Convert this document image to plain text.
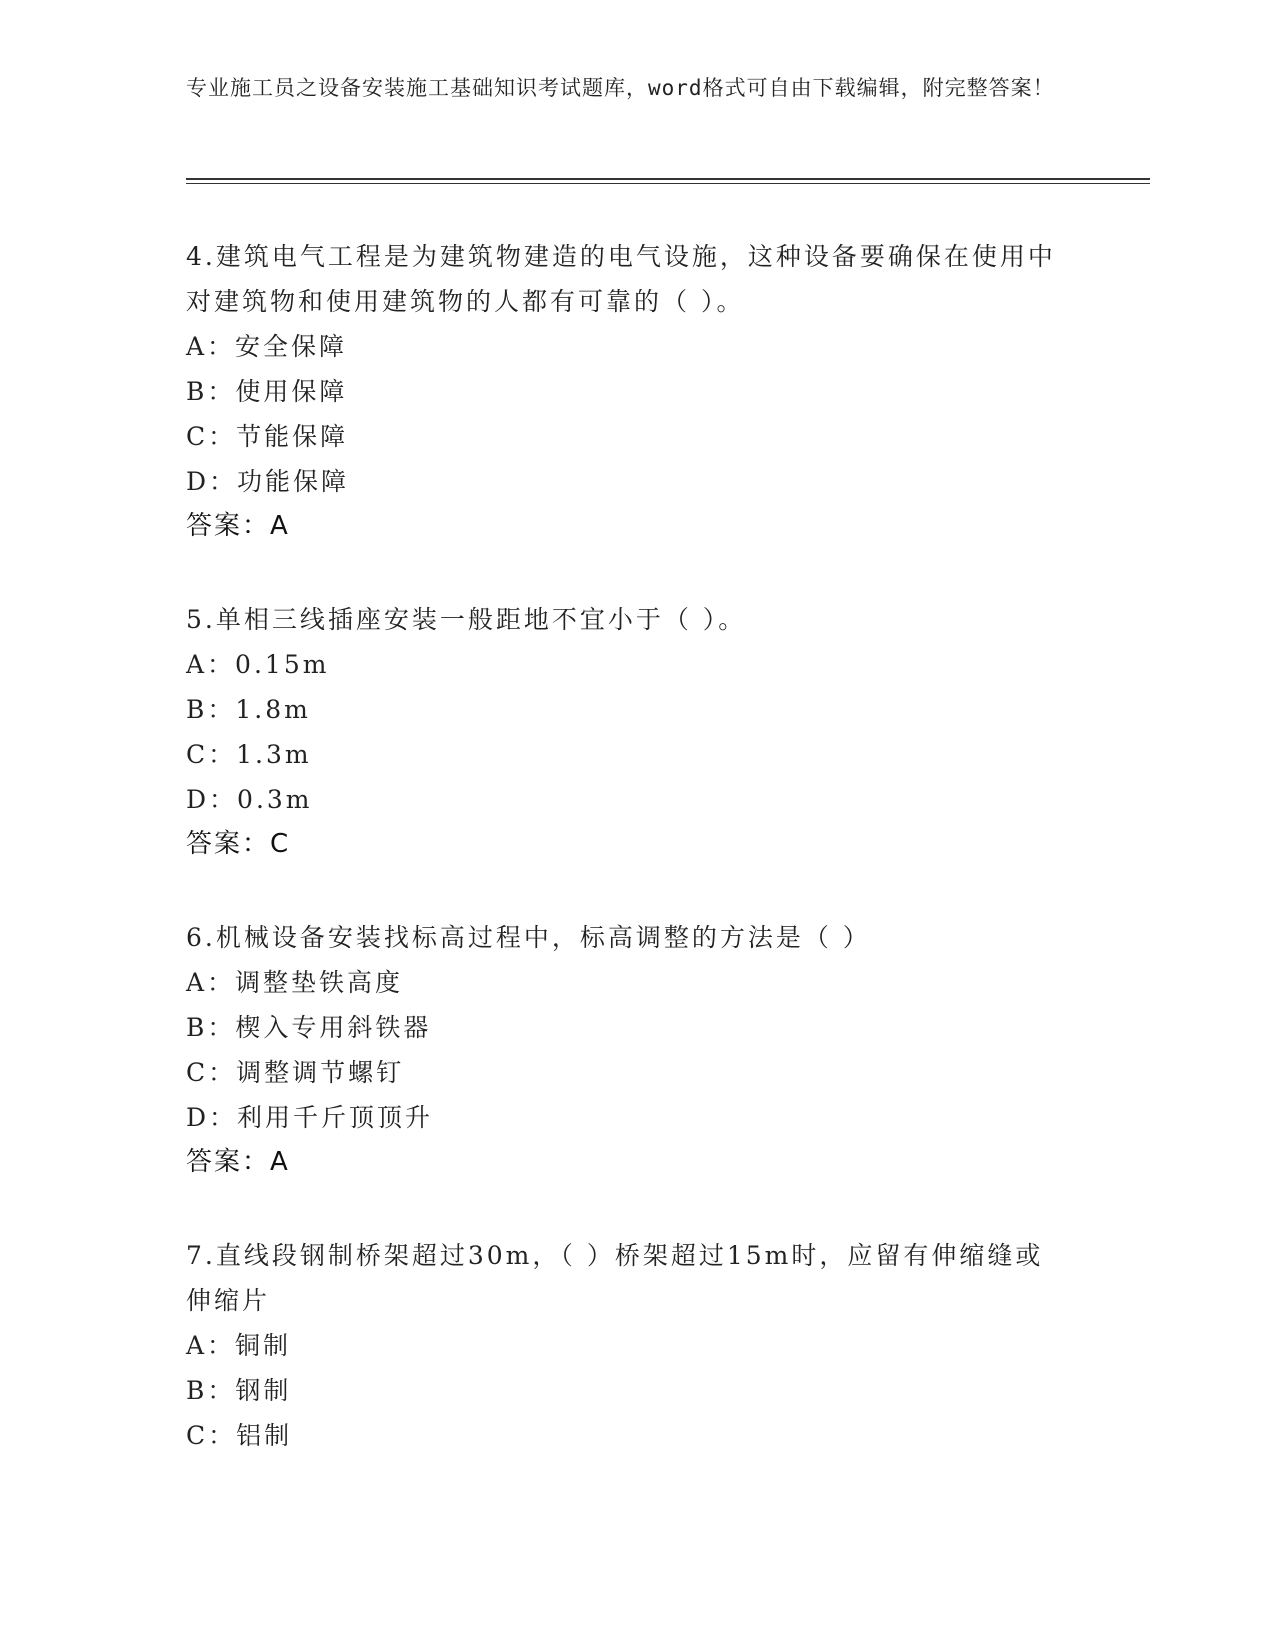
专业施工员之设备安装施工基础知识考试题库，word格式可自由下载编辑，附完整答案！

4.建筑电气工程是为建筑物建造的电气设施，这种设备要确保在使用中对建筑物和使用建筑物的人都有可靠的（ ）。

A：安全保障

B：使用保障

C：节能保障

D：功能保障

答案：A

5.单相三线插座安装一般距地不宜小于（ ）。

A：0.15m

B：1.8m

C：1.3m

D：0.3m

答案：C

6.机械设备安装找标高过程中，标高调整的方法是（ ）

A：调整垫铁高度

B：楔入专用斜铁器

C：调整调节螺钉

D：利用千斤顶顶升

答案：A

7.直线段钢制桥架超过30m，（ ）桥架超过15m时，应留有伸缩缝或伸缩片

A：铜制

B：钢制

C：铝制
